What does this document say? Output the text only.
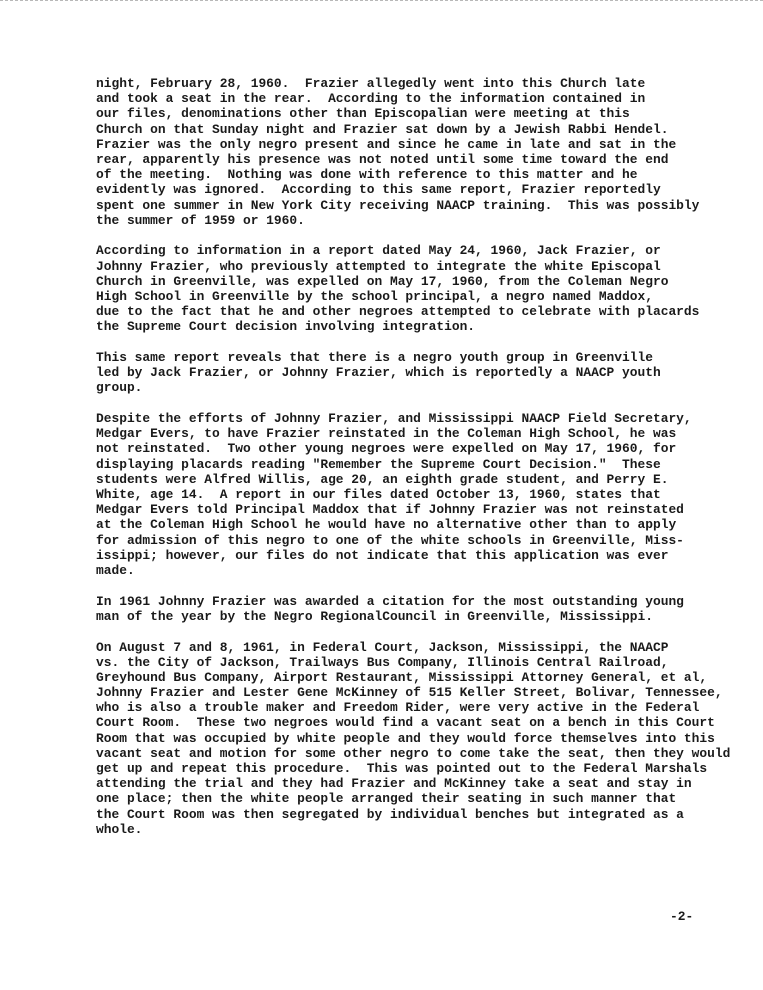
night, February 28, 1960.  Frazier allegedly went into this Church late
and took a seat in the rear.  According to the information contained in
our files, denominations other than Episcopalian were meeting at this
Church on that Sunday night and Frazier sat down by a Jewish Rabbi Hendel.
Frazier was the only negro present and since he came in late and sat in the
rear, apparently his presence was not noted until some time toward the end
of the meeting.  Nothing was done with reference to this matter and he
evidently was ignored.  According to this same report, Frazier reportedly
spent one summer in New York City receiving NAACP training.  This was possibly
the summer of 1959 or 1960.

According to information in a report dated May 24, 1960, Jack Frazier, or
Johnny Frazier, who previously attempted to integrate the white Episcopal
Church in Greenville, was expelled on May 17, 1960, from the Coleman Negro
High School in Greenville by the school principal, a negro named Maddox,
due to the fact that he and other negroes attempted to celebrate with placards
the Supreme Court decision involving integration.

This same report reveals that there is a negro youth group in Greenville
led by Jack Frazier, or Johnny Frazier, which is reportedly a NAACP youth
group.

Despite the efforts of Johnny Frazier, and Mississippi NAACP Field Secretary,
Medgar Evers, to have Frazier reinstated in the Coleman High School, he was
not reinstated.  Two other young negroes were expelled on May 17, 1960, for
displaying placards reading "Remember the Supreme Court Decision."  These
students were Alfred Willis, age 20, an eighth grade student, and Perry E.
White, age 14.  A report in our files dated October 13, 1960, states that
Medgar Evers told Principal Maddox that if Johnny Frazier was not reinstated
at the Coleman High School he would have no alternative other than to apply
for admission of this negro to one of the white schools in Greenville, Miss-
issippi; however, our files do not indicate that this application was ever
made.

In 1961 Johnny Frazier was awarded a citation for the most outstanding young
man of the year by the Negro RegionalCouncil in Greenville, Mississippi.

On August 7 and 8, 1961, in Federal Court, Jackson, Mississippi, the NAACP
vs. the City of Jackson, Trailways Bus Company, Illinois Central Railroad,
Greyhound Bus Company, Airport Restaurant, Mississippi Attorney General, et al,
Johnny Frazier and Lester Gene McKinney of 515 Keller Street, Bolivar, Tennessee,
who is also a trouble maker and Freedom Rider, were very active in the Federal
Court Room.  These two negroes would find a vacant seat on a bench in this Court
Room that was occupied by white people and they would force themselves into this
vacant seat and motion for some other negro to come take the seat, then they would
get up and repeat this procedure.  This was pointed out to the Federal Marshals
attending the trial and they had Frazier and McKinney take a seat and stay in
one place; then the white people arranged their seating in such manner that
the Court Room was then segregated by individual benches but integrated as a
whole.

-2-
